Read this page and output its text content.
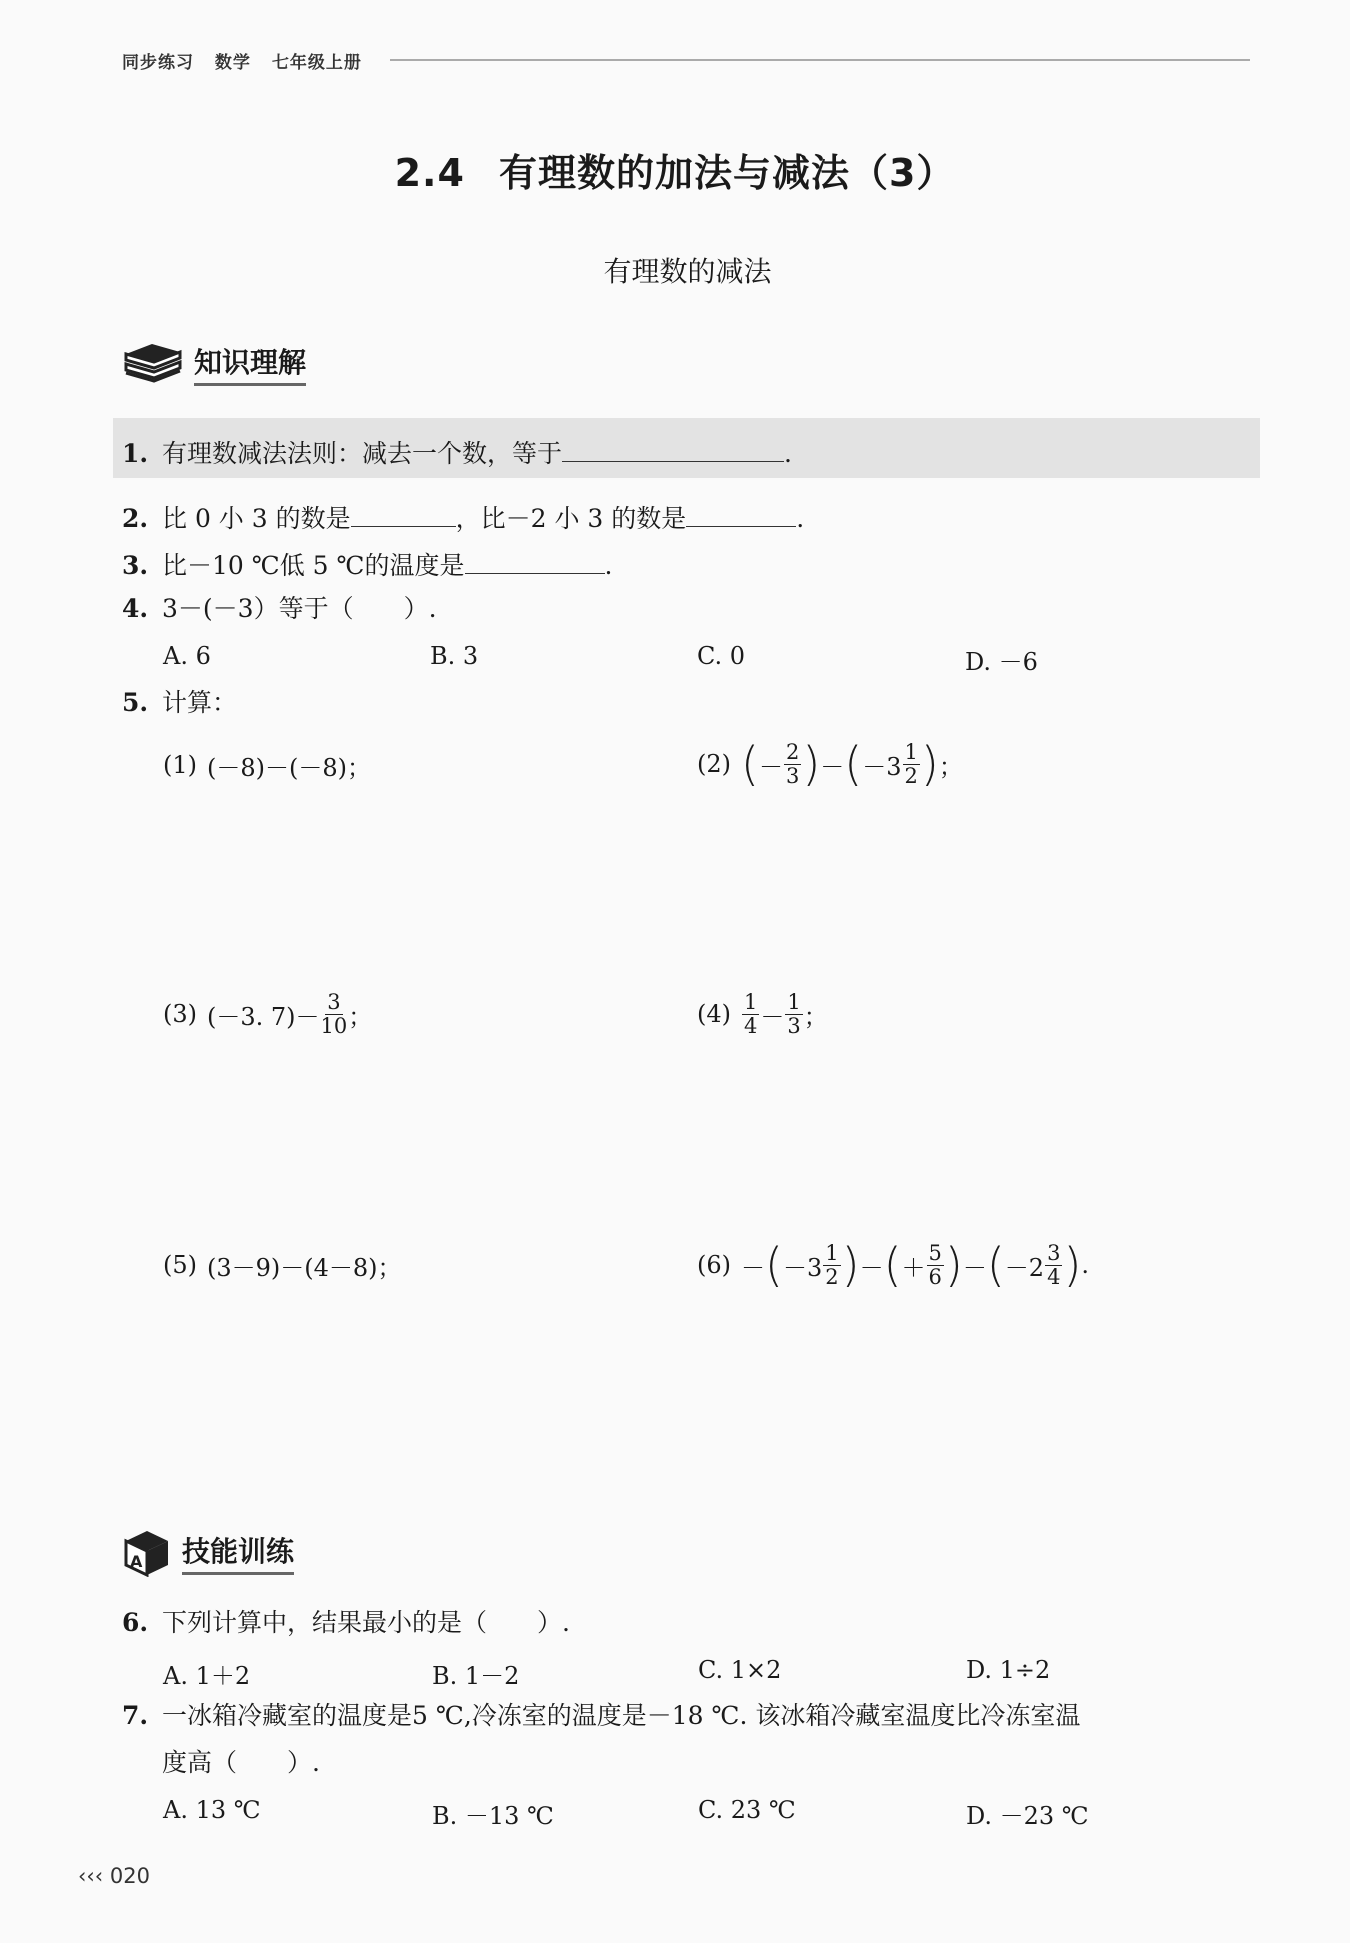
同步练习 数学 七年级上册
2.4 有理数的加法与减法（3）
有理数的减法
知识理解
1. 有理数减法法则：减去一个数，等于	.
2. 比 0 小 3 的数是	，比－2 小 3 的数是	.
3. 比－10 ℃低 5 ℃的温度是	.
4. 3－(－3）等于（　　）.
A. 6	B. 3	C. 0	D. －6
5. 计算：
(1) (－8)－(－8)；	(2) ( － $\frac{2}{3}$ ) － ( $-3 \frac{1}{2}$ ) ；
(3) (－3. $7)- \frac{3}{10}$ ；	$(4) \frac{1}{4} - \frac{1}{3}$ ；
(5) (3－9)－(4－8)；	(6) － ( $-3 \frac{1}{2}$ ) － ( ＋ $\frac{5}{6}$ ) － ( $-2 \frac{3}{4}$ ) .
A 技能训练
6. 下列计算中，结果最小的是（　　）.
A. 1＋2	B. 1－2	C. 1×2	D. 1÷2
7. 一冰箱冷藏室的温度是5 ℃,冷冻室的温度是－18 ℃. 该冰箱冷藏室温度比冷冻室温
度高（　　）.
A. 13 ℃	B. －13 ℃	C. 23 ℃	D. －23 ℃
‹‹‹ 020
